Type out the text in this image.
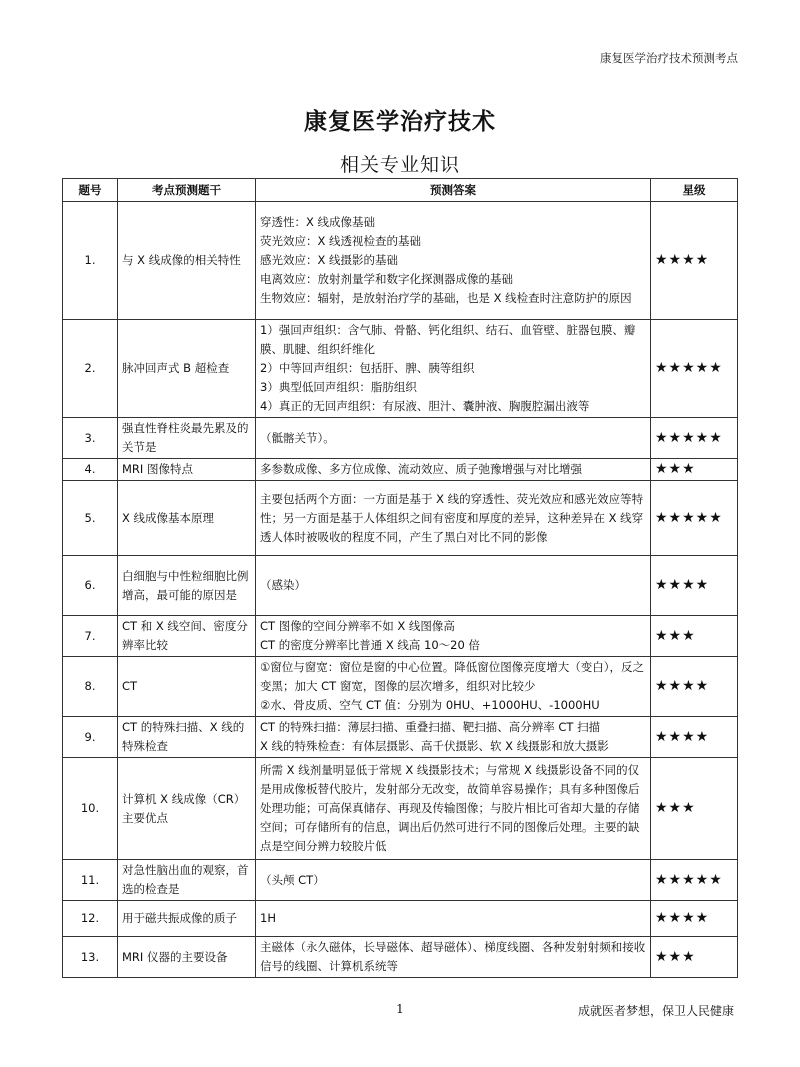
康复医学治疗技术预测考点
康复医学治疗技术
相关专业知识
题号	考点预测题干	预测答案	星级
1.	与 X 线成像的相关特性	穿透性：X 线成像基础
荧光效应：X 线透视检查的基础
感光效应：X 线摄影的基础
电离效应：放射剂量学和数字化探测器成像的基础
生物效应：辐射，是放射治疗学的基础，也是 X 线检查时注意防护的原因	★★★★
2.	脉冲回声式 B 超检查	1）强回声组织：含气肺、骨骼、钙化组织、结石、血管壁、脏器包膜、瓣膜、肌腱、组织纤维化
2）中等回声组织：包括肝、脾、胰等组织
3）典型低回声组织：脂肪组织
4）真正的无回声组织：有尿液、胆汁、囊肿液、胸腹腔漏出液等	★★★★★
3.	强直性脊柱炎最先累及的关节是	（骶髂关节）。	★★★★★
4.	MRI 图像特点	多参数成像、多方位成像、流动效应、质子弛豫增强与对比增强	★★★
5.	X 线成像基本原理	主要包括两个方面：一方面是基于 X 线的穿透性、荧光效应和感光效应等特性；另一方面是基于人体组织之间有密度和厚度的差异，这种差异在 X 线穿透人体时被吸收的程度不同，产生了黑白对比不同的影像	★★★★★
6.	白细胞与中性粒细胞比例增高，最可能的原因是	（感染）	★★★★
7.	CT 和 X 线空间、密度分辨率比较	CT 图像的空间分辨率不如 X 线图像高
CT 的密度分辨率比普通 X 线高 10～20 倍	★★★
8.	CT	①窗位与窗宽：窗位是窗的中心位置。降低窗位图像亮度增大（变白），反之变黑；加大 CT 窗宽，图像的层次增多，组织对比较少
②水、骨皮质、空气 CT 值：分别为 0HU、+1000HU、-1000HU	★★★★
9.	CT 的特殊扫描、X 线的特殊检查	CT 的特殊扫描：薄层扫描、重叠扫描、靶扫描、高分辨率 CT 扫描
X 线的特殊检查：有体层摄影、高千伏摄影、软 X 线摄影和放大摄影	★★★★
10.	计算机 X 线成像（CR）主要优点	所需 X 线剂量明显低于常规 X 线摄影技术；与常规 X 线摄影设备不同的仅是用成像板替代胶片，发射部分无改变，故简单容易操作；具有多种图像后处理功能；可高保真储存、再现及传输图像；与胶片相比可省却大量的存储空间；可存储所有的信息，调出后仍然可进行不同的图像后处理。主要的缺点是空间分辨力较胶片低	★★★
11.	对急性脑出血的观察，首选的检查是	（头颅 CT）	★★★★★
12.	用于磁共振成像的质子	1H	★★★★
13.	MRI 仪器的主要设备	主磁体（永久磁体，长导磁体、超导磁体）、梯度线圈、各种发射射频和接收信号的线圈、计算机系统等	★★★
1	成就医者梦想，保卫人民健康
